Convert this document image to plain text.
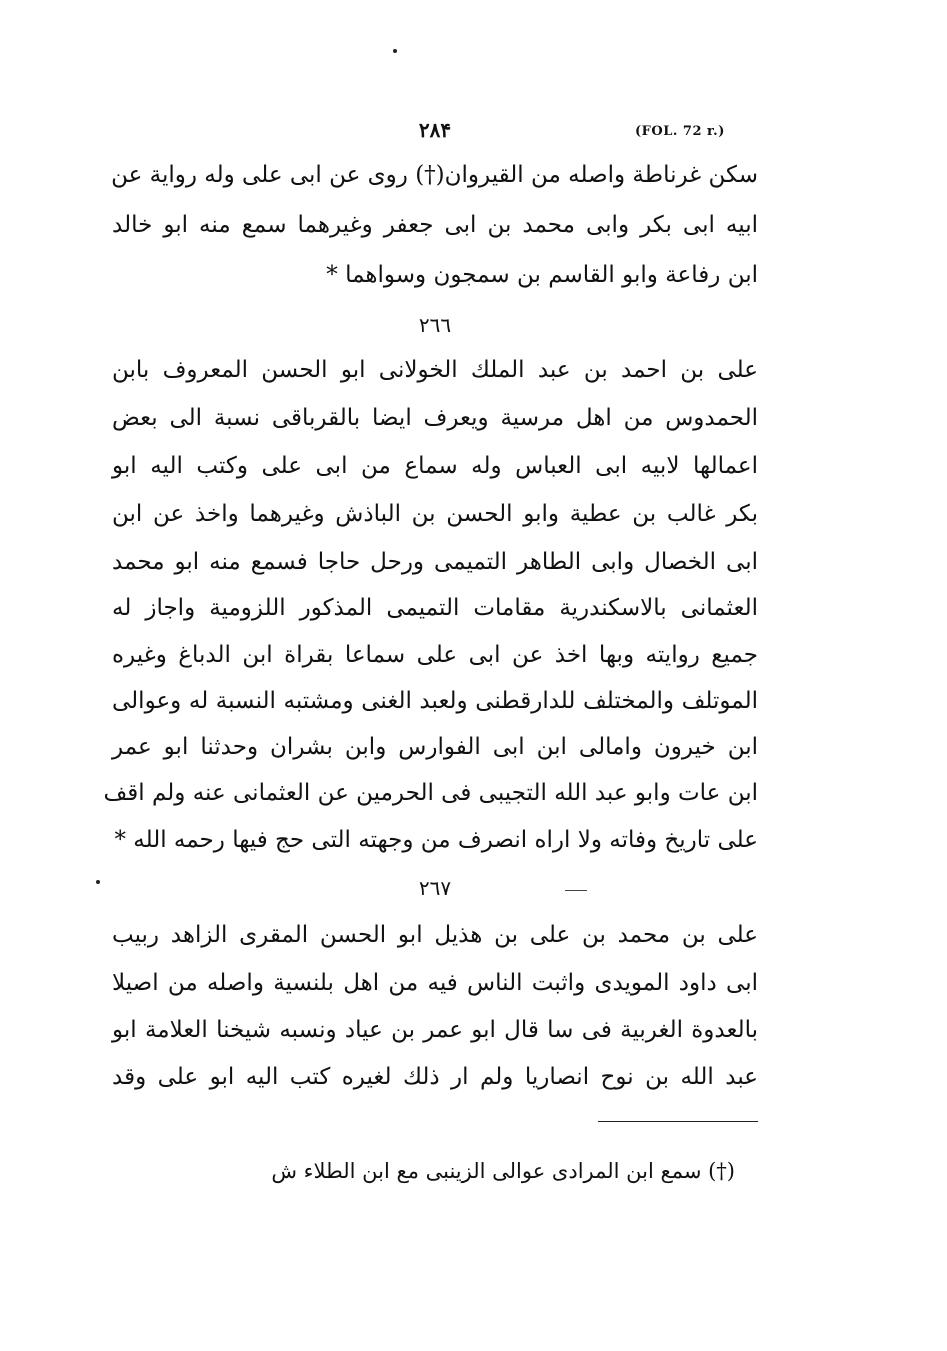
۲۸۴	(FOL. 72 r.)
سكن غرناطة واصله من القيروان(†) روى عن ابى على وله رواية عن
ابيه ابى بكر وابى محمد بن ابى جعفر وغيرهما سمع منه ابو خالد
ابن رفاعة وابو القاسم بن سمجون وسواهما *
٢٦٦
على بن احمد بن عبد الملك الخولانى ابو الحسن المعروف بابن
الحمدوس من اهل مرسية ويعرف ايضا بالقرباقى نسبة الى بعض
اعمالها لابيه ابى العباس وله سماع من ابى على وكتب اليه ابو
بكر غالب بن عطية وابو الحسن بن الباذش وغيرهما واخذ عن ابن
ابى الخصال وابى الطاهر التميمى ورحل حاجا فسمع منه ابو محمد
العثمانى بالاسكندرية مقامات التميمى المذكور اللزومية واجاز له
جميع روايته وبها اخذ عن ابى على سماعا بقراة ابن الدباغ وغيره
الموتلف والمختلف للدارقطنى ولعبد الغنى ومشتبه النسبة له وعوالى
ابن خيرون وامالى ابن ابى الفوارس وابن بشران وحدثنا ابو عمر
ابن عات وابو عبد الله التجيبى فى الحرمين عن العثمانى عنه ولم اقف
على تاريخ وفاته ولا اراه انصرف من وجهته التى حج فيها رحمه الله *
٢٦٧
على بن محمد بن على بن هذيل ابو الحسن المقرى الزاهد ربيب
ابى داود المويدى واثبت الناس فيه من اهل بلنسية واصله من اصيلا
بالعدوة الغربية فى سا قال ابو عمر بن عياد ونسبه شيخنا العلامة ابو
عبد الله بن نوح انصاريا ولم ار ذلك لغيره كتب اليه ابو على وقد
(†) سمع ابن المرادى عوالى الزينبى مع ابن الطلاء ش
